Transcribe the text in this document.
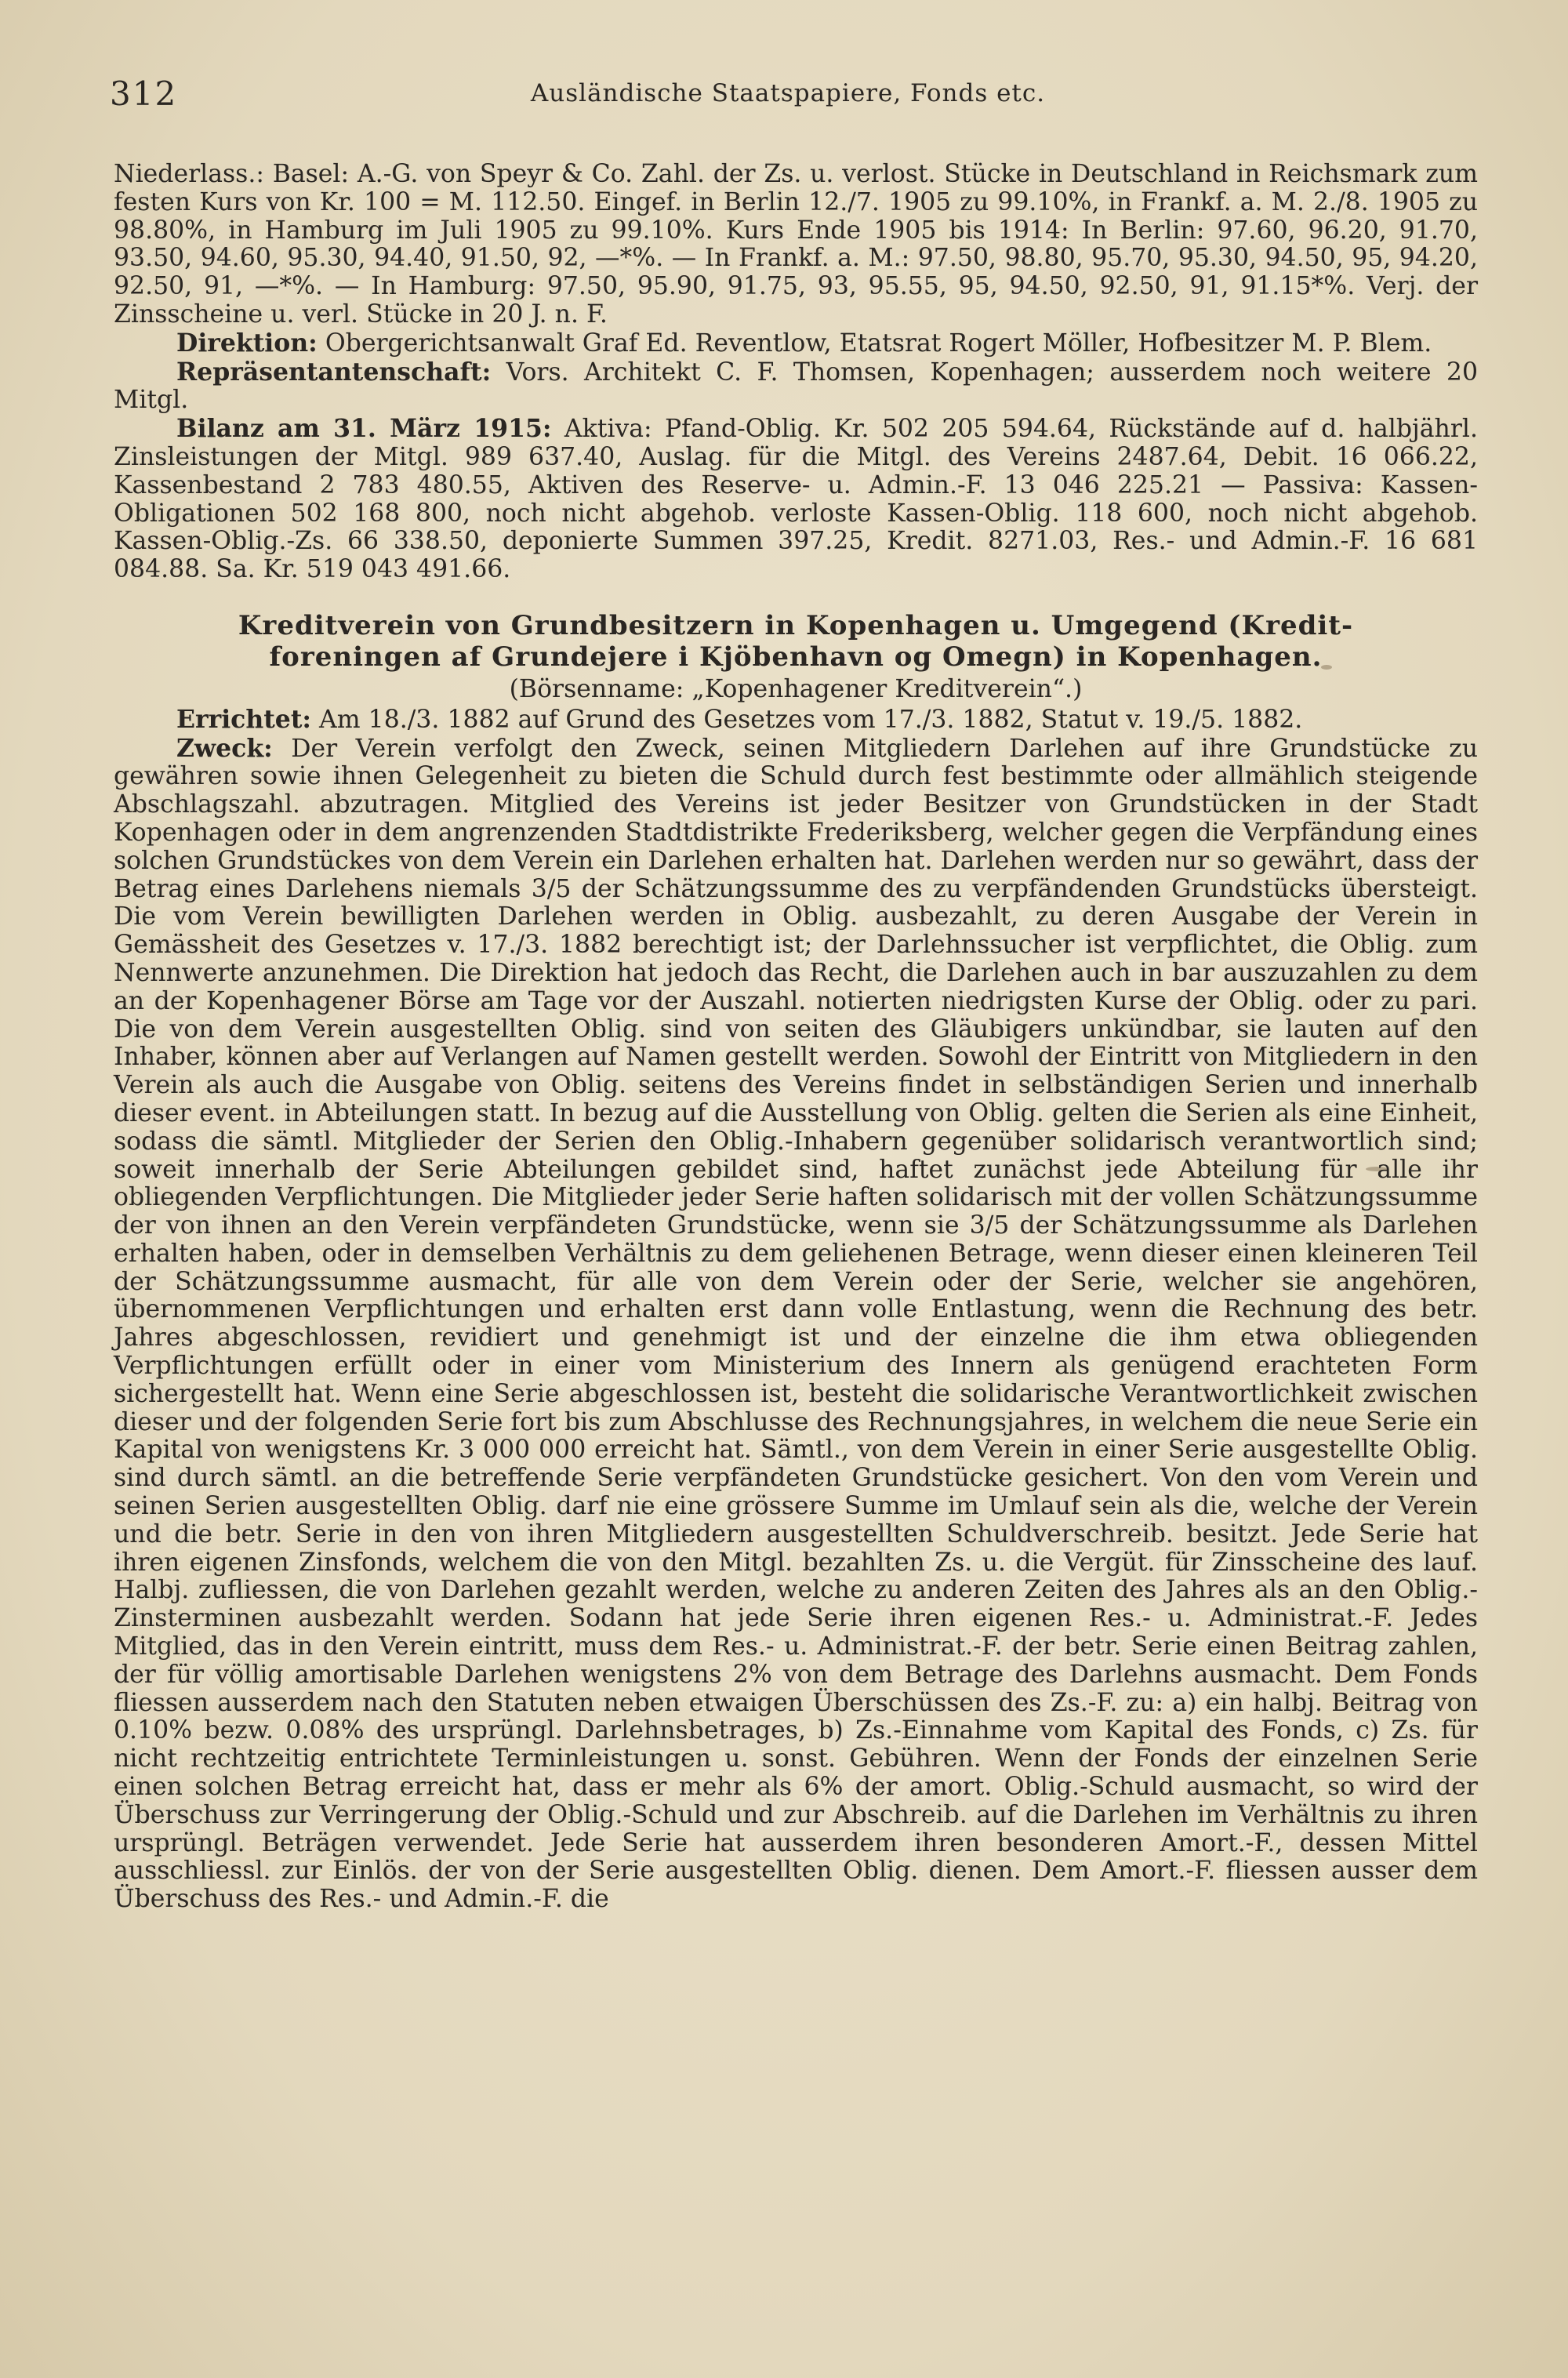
312	Ausländische Staatspapiere, Fonds etc.

Niederlass.: Basel: A.-G. von Speyr & Co. Zahl. der Zs. u. verlost. Stücke in Deutschland in Reichsmark zum festen Kurs von Kr. 100 = M. 112.50. Eingef. in Berlin 12./7. 1905 zu 99.10%, in Frankf. a. M. 2./8. 1905 zu 98.80%, in Hamburg im Juli 1905 zu 99.10%. Kurs Ende 1905 bis 1914: In Berlin: 97.60, 96.20, 91.70, 93.50, 94.60, 95.30, 94.40, 91.50, 92, —*%. — In Frankf. a. M.: 97.50, 98.80, 95.70, 95.30, 94.50, 95, 94.20, 92.50, 91, —*%. — In Hamburg: 97.50, 95.90, 91.75, 93, 95.55, 95, 94.50, 92.50, 91, 91.15*%. Verj. der Zinsscheine u. verl. Stücke in 20 J. n. F.

Direktion: Obergerichtsanwalt Graf Ed. Reventlow, Etatsrat Rogert Möller, Hofbesitzer M. P. Blem.

Repräsentantenschaft: Vors. Architekt C. F. Thomsen, Kopenhagen; ausserdem noch weitere 20 Mitgl.

Bilanz am 31. März 1915: Aktiva: Pfand-Oblig. Kr. 502 205 594.64, Rückstände auf d. halbjährl. Zinsleistungen der Mitgl. 989 637.40, Auslag. für die Mitgl. des Vereins 2487.64, Debit. 16 066.22, Kassenbestand 2 783 480.55, Aktiven des Reserve- u. Admin.-F. 13 046 225.21 — Passiva: Kassen-Obligationen 502 168 800, noch nicht abgehob. verloste Kassen-Oblig. 118 600, noch nicht abgehob. Kassen-Oblig.-Zs. 66 338.50, deponierte Summen 397.25, Kredit. 8271.03, Res.- und Admin.-F. 16 681 084.88. Sa. Kr. 519 043 491.66.

Kreditverein von Grundbesitzern in Kopenhagen u. Umgegend (Kredit-
foreningen af Grundejere i Kjöbenhavn og Omegn) in Kopenhagen.

(Börsenname: „Kopenhagener Kreditverein“.)

Errichtet: Am 18./3. 1882 auf Grund des Gesetzes vom 17./3. 1882, Statut v. 19./5. 1882.

Zweck: Der Verein verfolgt den Zweck, seinen Mitgliedern Darlehen auf ihre Grundstücke zu gewähren sowie ihnen Gelegenheit zu bieten die Schuld durch fest bestimmte oder allmählich steigende Abschlagszahl. abzutragen. Mitglied des Vereins ist jeder Besitzer von Grundstücken in der Stadt Kopenhagen oder in dem angrenzenden Stadtdistrikte Frederiksberg, welcher gegen die Verpfändung eines solchen Grundstückes von dem Verein ein Darlehen erhalten hat. Darlehen werden nur so gewährt, dass der Betrag eines Darlehens niemals 3/5 der Schätzungssumme des zu verpfändenden Grundstücks übersteigt. Die vom Verein bewilligten Darlehen werden in Oblig. ausbezahlt, zu deren Ausgabe der Verein in Gemässheit des Gesetzes v. 17./3. 1882 berechtigt ist; der Darlehnssucher ist verpflichtet, die Oblig. zum Nennwerte anzunehmen. Die Direktion hat jedoch das Recht, die Darlehen auch in bar auszuzahlen zu dem an der Kopenhagener Börse am Tage vor der Auszahl. notierten niedrigsten Kurse der Oblig. oder zu pari. Die von dem Verein ausgestellten Oblig. sind von seiten des Gläubigers unkündbar, sie lauten auf den Inhaber, können aber auf Verlangen auf Namen gestellt werden. Sowohl der Eintritt von Mitgliedern in den Verein als auch die Ausgabe von Oblig. seitens des Vereins findet in selbständigen Serien und innerhalb dieser event. in Abteilungen statt. In bezug auf die Ausstellung von Oblig. gelten die Serien als eine Einheit, sodass die sämtl. Mitglieder der Serien den Oblig.-Inhabern gegenüber solidarisch verantwortlich sind; soweit innerhalb der Serie Abteilungen gebildet sind, haftet zunächst jede Abteilung für alle ihr obliegenden Verpflichtungen. Die Mitglieder jeder Serie haften solidarisch mit der vollen Schätzungssumme der von ihnen an den Verein verpfändeten Grundstücke, wenn sie 3/5 der Schätzungssumme als Darlehen erhalten haben, oder in demselben Verhältnis zu dem geliehenen Betrage, wenn dieser einen kleineren Teil der Schätzungssumme ausmacht, für alle von dem Verein oder der Serie, welcher sie angehören, übernommenen Verpflichtungen und erhalten erst dann volle Entlastung, wenn die Rechnung des betr. Jahres abgeschlossen, revidiert und genehmigt ist und der einzelne die ihm etwa obliegenden Verpflichtungen erfüllt oder in einer vom Ministerium des Innern als genügend erachteten Form sichergestellt hat. Wenn eine Serie abgeschlossen ist, besteht die solidarische Verantwortlichkeit zwischen dieser und der folgenden Serie fort bis zum Abschlusse des Rechnungsjahres, in welchem die neue Serie ein Kapital von wenigstens Kr. 3 000 000 erreicht hat. Sämtl., von dem Verein in einer Serie ausgestellte Oblig. sind durch sämtl. an die betreffende Serie verpfändeten Grundstücke gesichert. Von den vom Verein und seinen Serien ausgestellten Oblig. darf nie eine grössere Summe im Umlauf sein als die, welche der Verein und die betr. Serie in den von ihren Mitgliedern ausgestellten Schuldverschreib. besitzt. Jede Serie hat ihren eigenen Zinsfonds, welchem die von den Mitgl. bezahlten Zs. u. die Vergüt. für Zinsscheine des lauf. Halbj. zufliessen, die von Darlehen gezahlt werden, welche zu anderen Zeiten des Jahres als an den Oblig.-Zinsterminen ausbezahlt werden. Sodann hat jede Serie ihren eigenen Res.- u. Administrat.-F. Jedes Mitglied, das in den Verein eintritt, muss dem Res.- u. Administrat.-F. der betr. Serie einen Beitrag zahlen, der für völlig amortisable Darlehen wenigstens 2% von dem Betrage des Darlehns ausmacht. Dem Fonds fliessen ausserdem nach den Statuten neben etwaigen Überschüssen des Zs.-F. zu: a) ein halbj. Beitrag von 0.10% bezw. 0.08% des ursprüngl. Darlehnsbetrages, b) Zs.-Einnahme vom Kapital des Fonds, c) Zs. für nicht rechtzeitig entrichtete Terminleistungen u. sonst. Gebühren. Wenn der Fonds der einzelnen Serie einen solchen Betrag erreicht hat, dass er mehr als 6% der amort. Oblig.-Schuld ausmacht, so wird der Überschuss zur Verringerung der Oblig.-Schuld und zur Abschreib. auf die Darlehen im Verhältnis zu ihren ursprüngl. Beträgen verwendet. Jede Serie hat ausserdem ihren besonderen Amort.-F., dessen Mittel ausschliessl. zur Einlös. der von der Serie ausgestellten Oblig. dienen. Dem Amort.-F. fliessen ausser dem Überschuss des Res.- und Admin.-F. die
